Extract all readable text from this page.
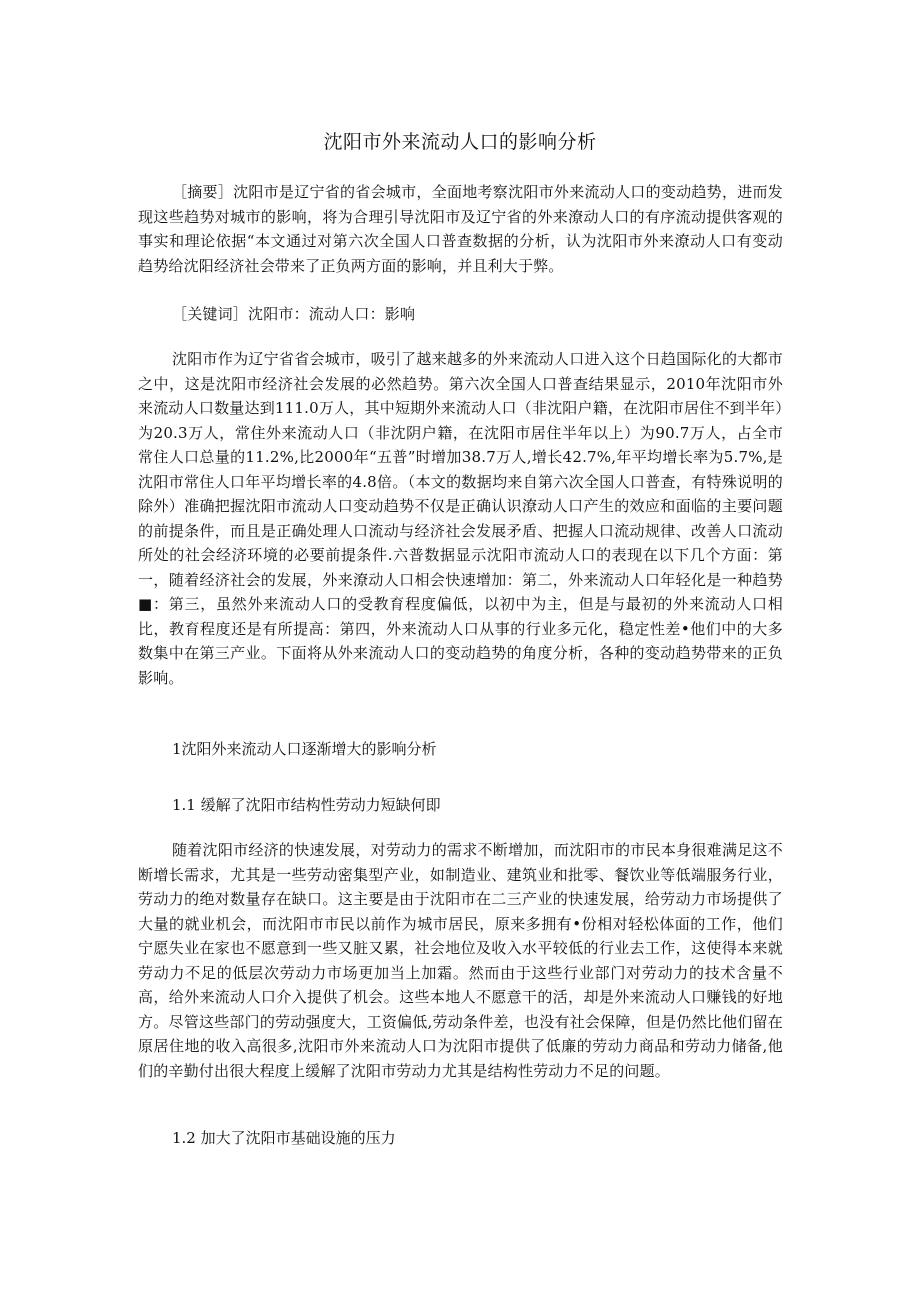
沈阳市外来流动人口的影响分析

［摘要］沈阳市是辽宁省的省会城市，全面地考察沈阳市外来流动人口的变动趋势，进而发现这些趋势对城市的影响，将为合理引导沈阳市及辽宁省的外来潦动人口的有序流动提供客观的事实和理论依据“本文通过对第六次全国人口普查数据的分析，认为沈阳市外来潦动人口有变动趋势给沈阳经济社会带来了正负两方面的影响，并且利大于弊。

［关键词］沈阳市：流动人口：影响

沈阳市作为辽宁省省会城市，吸引了越来越多的外来流动人口进入这个日趋国际化的大都市之中，这是沈阳市经济社会发展的必然趋势。第六次全国人口普查结果显示，2010年沈阳市外来流动人口数量达到111.0万人，其中短期外来流动人口（非沈阳户籍，在沈阳市居住不到半年）为20.3万人，常住外来流动人口（非沈阴户籍，在沈阳市居住半年以上）为90.7万人，占全市常住人口总量的11.2%,比2000年“五普”时增加38.7万人,增长42.7%,年平均增长率为5.7%,是沈阳市常住人口年平均增长率的4.8倍。（本文的数据均来自第六次全国人口普查，有特殊说明的除外）准确把握沈阳市流动人口变动趋势不仅是正确认识潦动人口产生的效应和面临的主要问题的前提条件，而且是正确处理人口流动与经济社会发展矛盾、把握人口流动规律、改善人口流动所处的社会经济环境的必要前提条件.六普数据显示沈阳市流动人口的表现在以下几个方面：第一，随着经济社会的发展，外来潦动人口相会快速增加：第二，外来流动人口年轻化是一种趋势■：第三，虽然外来流动人口的受教育程度偏低，以初中为主，但是与最初的外来流动人口相比，教育程度还是有所提高：第四，外来流动人口从事的行业多元化，稳定性差•他们中的大多数集中在第三产业。下面将从外来流动人口的变动趋势的角度分析，各种的变动趋势带来的正负影响。

1沈阳外来流动人口逐渐增大的影响分析

1.1 缓解了沈阳市结构性劳动力短缺何即

随着沈阳市经济的快速发展，对劳动力的需求不断增加，而沈阳市的市民本身很难满足这不断增长需求，尤其是一些劳动密集型产业，如制造业、建筑业和批零、餐饮业等低端服务行业，劳动力的绝对数量存在缺口。这主要是由于沈阳市在二三产业的快速发展，给劳动力市场提供了大量的就业机会，而沈阳市市民以前作为城市居民，原来多拥有•份相对轻松体面的工作，他们宁愿失业在家也不愿意到一些又脏又累，社会地位及收入水平较低的行业去工作，这使得本来就劳动力不足的低层次劳动力市场更加当上加霜。然而由于这些行业部门对劳动力的技术含量不高，给外来流动人口介入提供了机会。这些本地人不愿意干的活，却是外来流动人口赚钱的好地方。尽管这些部门的劳动强度大，工资偏低,劳动条件差，也没有社会保障，但是仍然比他们留在原居住地的收入高很多,沈阳市外来流动人口为沈阳市提供了低廉的劳动力商品和劳动力储备,他们的辛勤付出很大程度上缓解了沈阳市劳动力尤其是结构性劳动力不足的问题。

1.2 加大了沈阳市基础设施的压力
